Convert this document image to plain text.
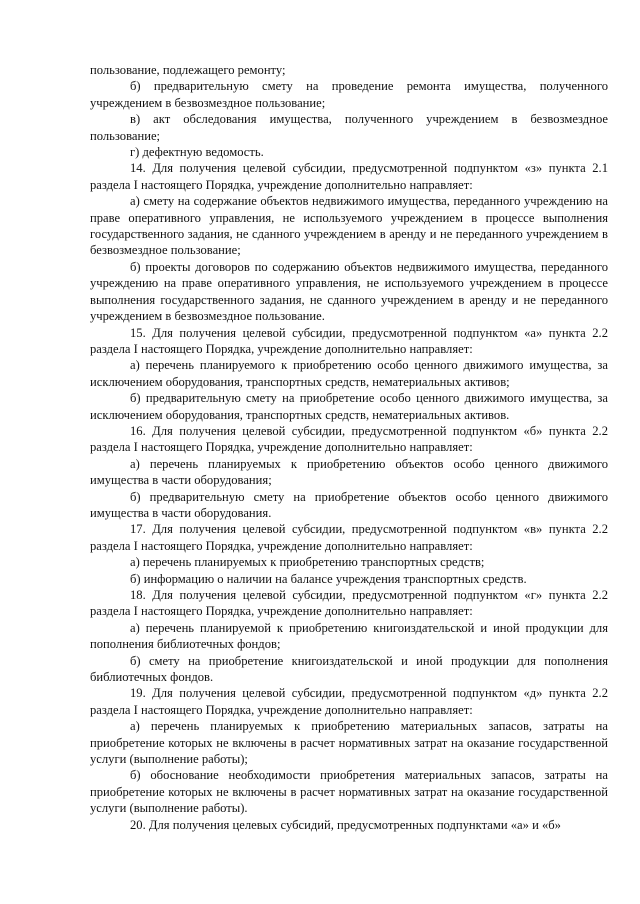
пользование, подлежащего ремонту;

б) предварительную смету на проведение ремонта имущества, полученного учреждением в безвозмездное пользование;

в) акт обследования имущества, полученного учреждением в безвозмездное пользование;

г) дефектную ведомость.

14. Для получения целевой субсидии, предусмотренной подпунктом «з» пункта 2.1 раздела I настоящего Порядка, учреждение дополнительно направляет:

а) смету на содержание объектов недвижимого имущества, переданного учреждению на праве оперативного управления, не используемого учреждением в процессе выполнения государственного задания, не сданного учреждением в аренду и не переданного учреждением в безвозмездное пользование;

б) проекты договоров по содержанию объектов недвижимого имущества, переданного учреждению на праве оперативного управления, не используемого учреждением в процессе выполнения государственного задания, не сданного учреждением в аренду и не переданного учреждением в безвозмездное пользование.

15. Для получения целевой субсидии, предусмотренной подпунктом «а» пункта 2.2 раздела I настоящего Порядка, учреждение дополнительно направляет:

а) перечень планируемого к приобретению особо ценного движимого имущества, за исключением оборудования, транспортных средств, нематериальных активов;

б) предварительную смету на приобретение особо ценного движимого имущества, за исключением оборудования, транспортных средств, нематериальных активов.

16. Для получения целевой субсидии, предусмотренной подпунктом «б» пункта 2.2 раздела I настоящего Порядка, учреждение дополнительно направляет:

а) перечень планируемых к приобретению объектов особо ценного движимого имущества в части оборудования;

б) предварительную смету на приобретение объектов особо ценного движимого имущества в части оборудования.

17. Для получения целевой субсидии, предусмотренной подпунктом «в» пункта 2.2 раздела I настоящего Порядка, учреждение дополнительно направляет:

а) перечень планируемых к приобретению транспортных средств;

б) информацию о наличии на балансе учреждения транспортных средств.

18. Для получения целевой субсидии, предусмотренной подпунктом «г» пункта 2.2 раздела I настоящего Порядка, учреждение дополнительно направляет:

а) перечень планируемой к приобретению книгоиздательской и иной продукции для пополнения библиотечных фондов;

б) смету на приобретение книгоиздательской и иной продукции для пополнения библиотечных фондов.

19. Для получения целевой субсидии, предусмотренной подпунктом «д» пункта 2.2 раздела I настоящего Порядка, учреждение дополнительно направляет:

а) перечень планируемых к приобретению материальных запасов, затраты на приобретение которых не включены в расчет нормативных затрат на оказание государственной услуги (выполнение работы);

б) обоснование необходимости приобретения материальных запасов, затраты на приобретение которых не включены в расчет нормативных затрат на оказание государственной услуги (выполнение работы).

20. Для получения целевых субсидий, предусмотренных подпунктами «а» и «б»
